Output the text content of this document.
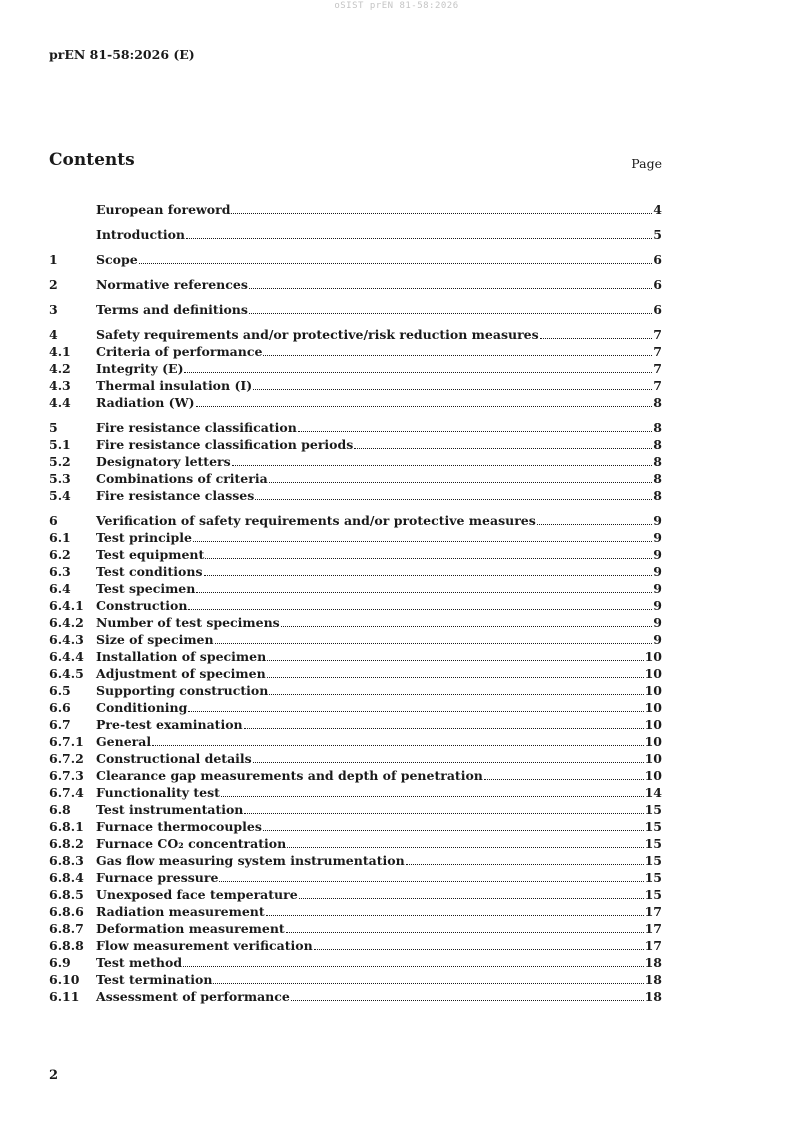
oSIST prEN 81-58:2026
prEN 81-58:2026 (E)
Contents	Page
European foreword	4
Introduction	5
1	Scope	6
2	Normative references	6
3	Terms and definitions	6
4	Safety requirements and/or protective/risk reduction measures	7
4.1	Criteria of performance	7
4.2	Integrity (E)	7
4.3	Thermal insulation (I)	7
4.4	Radiation (W)	8
5	Fire resistance classification	8
5.1	Fire resistance classification periods	8
5.2	Designatory letters	8
5.3	Combinations of criteria	8
5.4	Fire resistance classes	8
6	Verification of safety requirements and/or protective measures	9
6.1	Test principle	9
6.2	Test equipment	9
6.3	Test conditions	9
6.4	Test specimen	9
6.4.1 Construction	9
6.4.2 Number of test specimens	9
6.4.3 Size of specimen	9
6.4.4 Installation of specimen	10
6.4.5 Adjustment of specimen	10
6.5	Supporting construction	10
6.6	Conditioning	10
6.7	Pre-test examination	10
6.7.1 General	10
6.7.2 Constructional details	10
6.7.3 Clearance gap measurements and depth of penetration	10
6.7.4 Functionality test	14
6.8	Test instrumentation	15
6.8.1 Furnace thermocouples	15
6.8.2 Furnace CO₂ concentration	15
6.8.3 Gas flow measuring system instrumentation	15
6.8.4 Furnace pressure	15
6.8.5 Unexposed face temperature	15
6.8.6 Radiation measurement	17
6.8.7 Deformation measurement	17
6.8.8 Flow measurement verification	17
6.9	Test method	18
6.10	Test termination	18
6.11	Assessment of performance	18
2
